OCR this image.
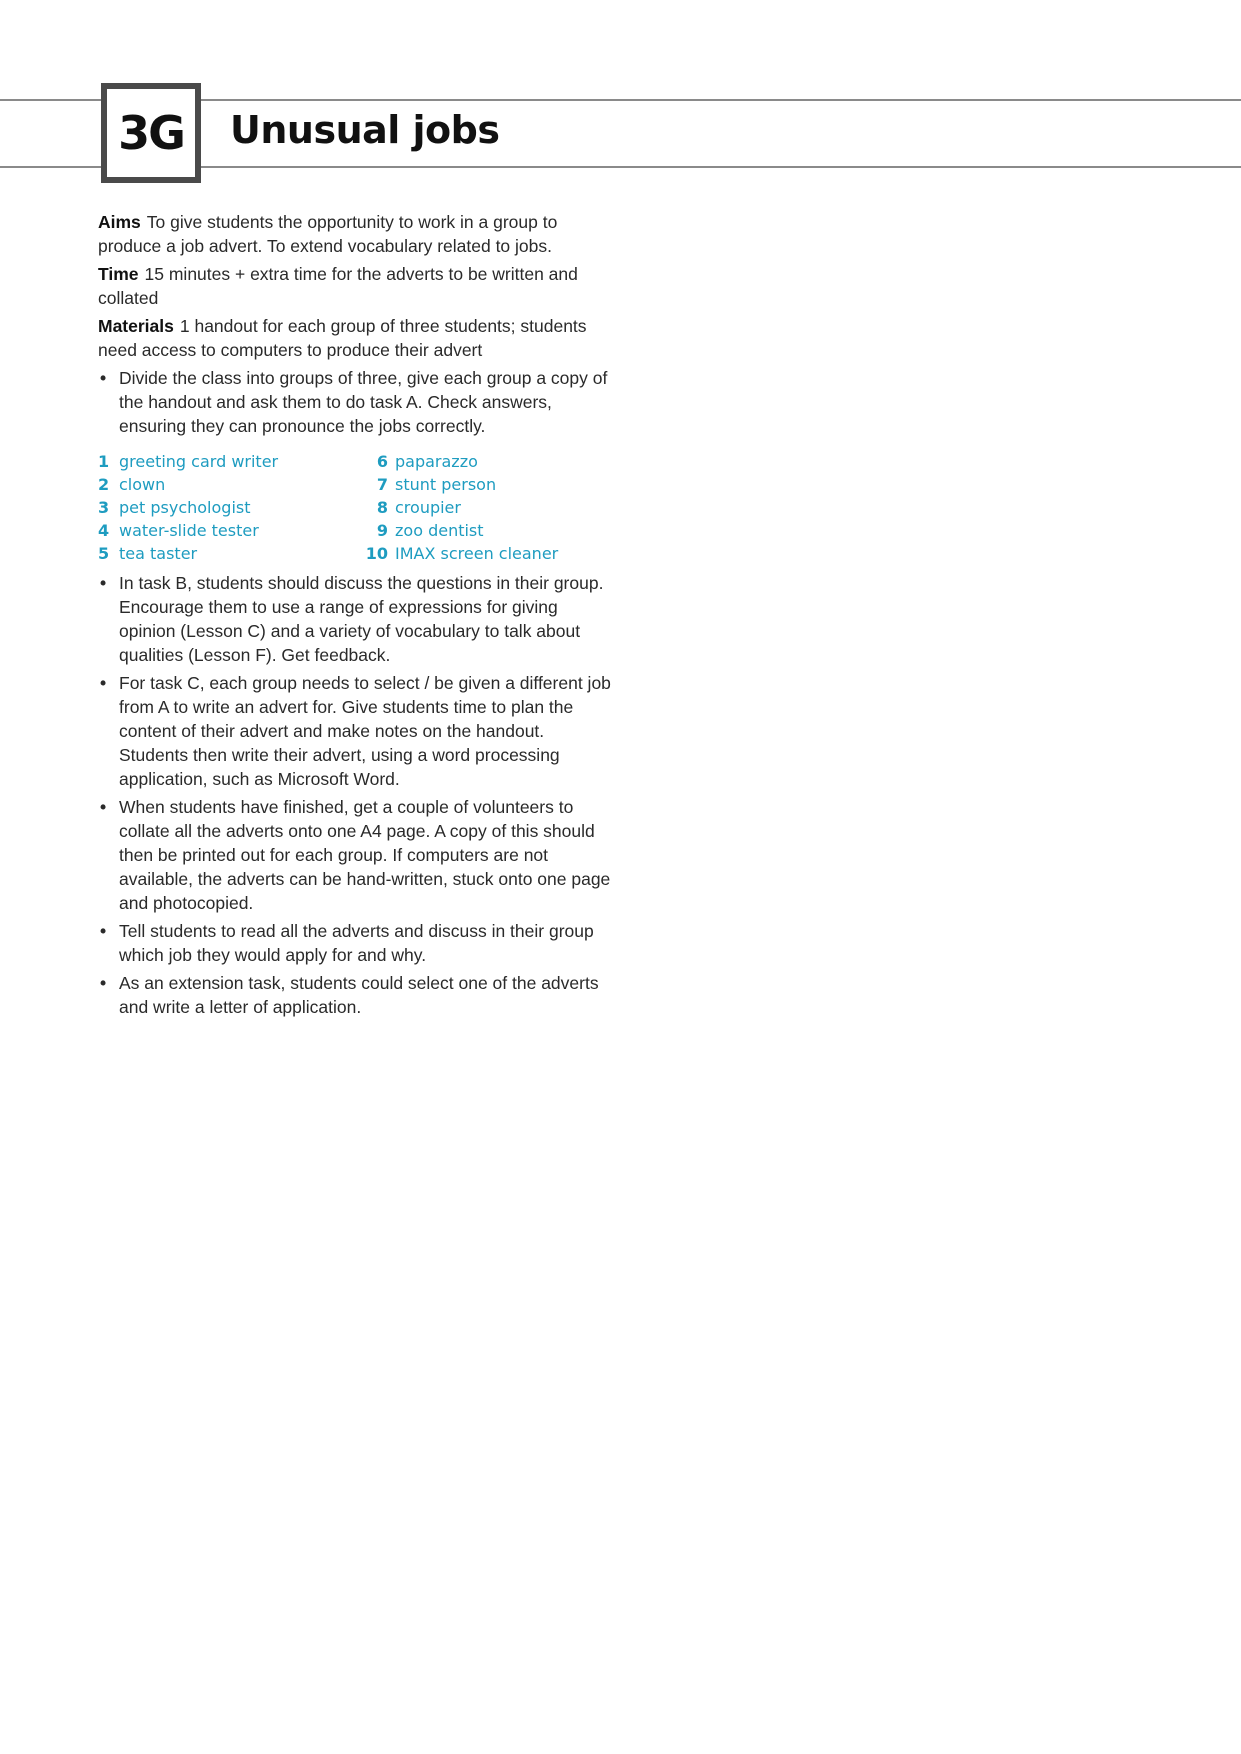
3G	Unusual jobs

Aims To give students the opportunity to work in a group to produce a job advert. To extend vocabulary related to jobs.

Time 15 minutes + extra time for the adverts to be written and collated

Materials 1 handout for each group of three students; students need access to computers to produce their advert

• Divide the class into groups of three, give each group a copy of the handout and ask them to do task A. Check answers, ensuring they can pronounce the jobs correctly.
1 greeting card writer
2 clown
3 pet psychologist
4 water-slide tester
5 tea taster
6 paparazzo
7 stunt person
8 croupier
9 zoo dentist
10 IMAX screen cleaner
• In task B, students should discuss the questions in their group. Encourage them to use a range of expressions for giving opinion (Lesson C) and a variety of vocabulary to talk about qualities (Lesson F). Get feedback.
• For task C, each group needs to select / be given a different job from A to write an advert for. Give students time to plan the content of their advert and make notes on the handout. Students then write their advert, using a word processing application, such as Microsoft Word.
• When students have finished, get a couple of volunteers to collate all the adverts onto one A4 page. A copy of this should then be printed out for each group. If computers are not available, the adverts can be hand-written, stuck onto one page and photocopied.
• Tell students to read all the adverts and discuss in their group which job they would apply for and why.
• As an extension task, students could select one of the adverts and write a letter of application.
